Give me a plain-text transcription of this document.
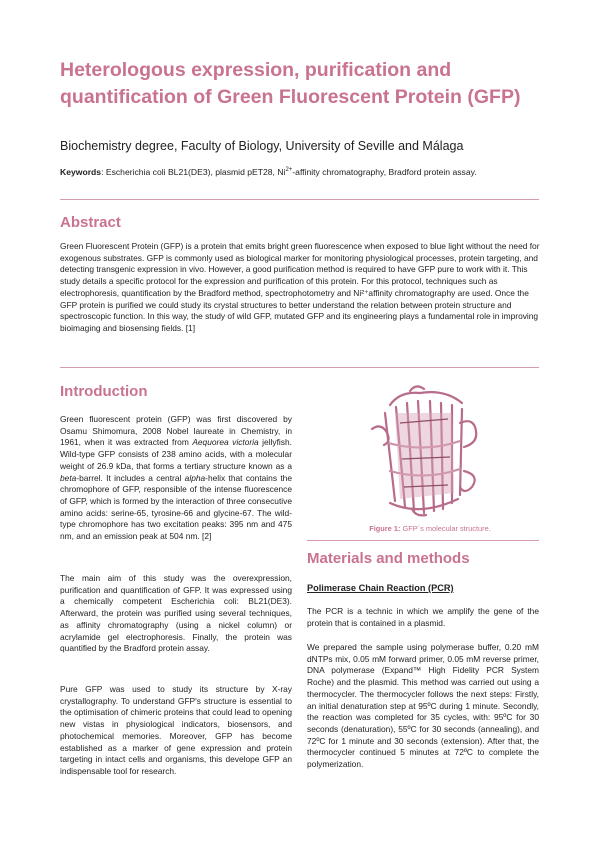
Heterologous expression, purification and quantification of Green Fluorescent Protein (GFP)

Biochemistry degree, Faculty of Biology, University of Seville and Málaga

Keywords: Escherichia coli BL21(DE3), plasmid pET28, $Ni^{2+}$-affinity chromatography, Bradford protein assay.

Abstract

Green Fluorescent Protein (GFP) is a protein that emits bright green fluorescence when exposed to blue light without the need for exogenous substrates. GFP is commonly used as biological marker for monitoring physiological processes, protein targeting, and detecting transgenic expression in vivo. However, a good purification method is required to have GFP pure to work with it. This study details a specific protocol for the expression and purification of this protein. For this protocol, techniques such as electrophoresis, quantification by the Bradford method, spectrophotometry and Ni²⁺affinity chromatography are used. Once the GFP protein is purified we could study its crystal structures to better understand the relation between protein structure and spectroscopic function. In this way, the study of wild GFP, mutated GFP and its engineering plays a fundamental role in improving bioimaging and biosensing fields. [1]

Introduction

Green fluorescent protein (GFP) was first discovered by Osamu Shimomura, 2008 Nobel laureate in Chemistry, in 1961, when it was extracted from Aequorea victoria jellyfish. Wild-type GFP consists of 238 amino acids, with a molecular weight of 26.9 kDa, that forms a tertiary structure known as a beta-barrel. It includes a central alpha-helix that contains the chromophore of GFP, responsible of the intense fluorescence of GFP, which is formed by the interaction of three consecutive amino acids: serine-65, tyrosine-66 and glycine-67. The wild-type chromophore has two excitation peaks: 395 nm and 475 nm, and an emission peak at 504 nm. [2]

The main aim of this study was the overexpression, purification and quantification of GFP. It was expressed using a chemically competent Escherichia coli: BL21(DE3). Afterward, the protein was purified using several techniques, as affinity chromatography (using a nickel column) or acrylamide gel electrophoresis. Finally, the protein was quantified by the Bradford protein assay.

Pure GFP was used to study its structure by X-ray crystallography. To understand GFP's structure is essential to the optimisation of chimeric proteins that could lead to opening new vistas in physiological indicators, biosensors, and photochemical memories. Moreover, GFP has become established as a marker of gene expression and protein targeting in intact cells and organisms, this develope GFP an indispensable tool for research.

Figure 1: GFP´s molecular structure.

Materials and methods

Polimerase Chain Reaction (PCR)

The PCR is a technic in which we amplify the gene of the protein that is contained in a plasmid.

We prepared the sample using polymerase buffer, 0.20 mM dNTPs mix, 0.05 mM forward primer, 0.05 mM reverse primer, DNA polymerase (Expand™ High Fidelity PCR System Roche) and the plasmid. This method was carried out using a thermocycler. The thermocycler follows the next steps: Firstly, an initial denaturation step at 95ºC during 1 minute. Secondly, the reaction was completed for 35 cycles, with: 95ºC for 30 seconds (denaturation), 55ºC for 30 seconds (annealing), and 72ºC for 1 minute and 30 seconds (extension). After that, the thermocycler continued 5 minutes at 72ºC to complete the polymerization.
